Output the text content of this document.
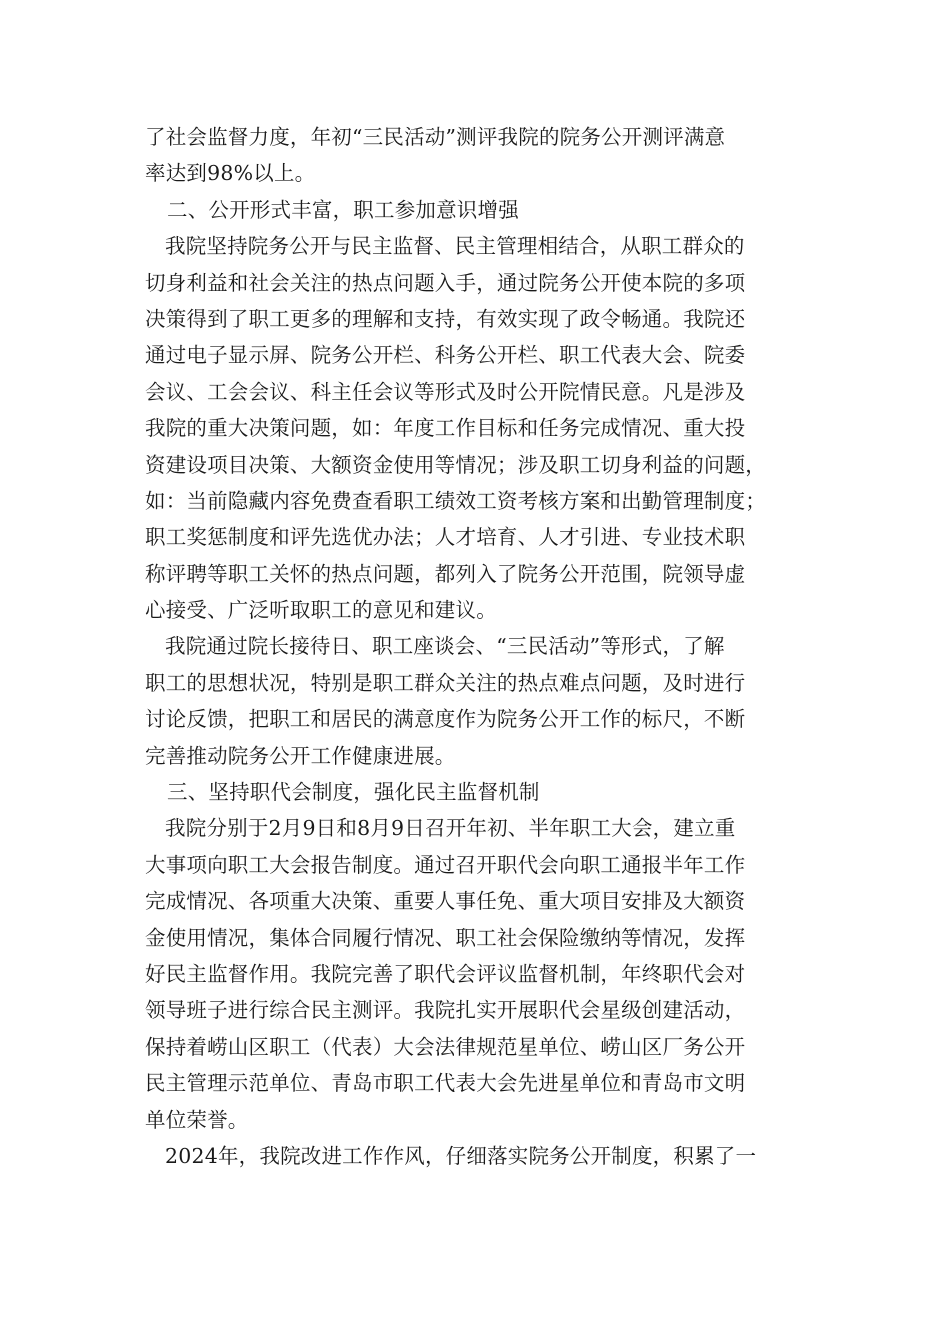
了社会监督力度，年初“三民活动”测评我院的院务公开测评满意
率达到98%以上。
二、公开形式丰富，职工参加意识增强
我院坚持院务公开与民主监督、民主管理相结合，从职工群众的
切身利益和社会关注的热点问题入手，通过院务公开使本院的多项
决策得到了职工更多的理解和支持，有效实现了政令畅通。我院还
通过电子显示屏、院务公开栏、科务公开栏、职工代表大会、院委
会议、工会会议、科主任会议等形式及时公开院情民意。凡是涉及
我院的重大决策问题，如：年度工作目标和任务完成情况、重大投
资建设项目决策、大额资金使用等情况；涉及职工切身利益的问题，
如：当前隐藏内容免费查看职工绩效工资考核方案和出勤管理制度；
职工奖惩制度和评先选优办法；人才培育、人才引进、专业技术职
称评聘等职工关怀的热点问题，都列入了院务公开范围，院领导虚
心接受、广泛听取职工的意见和建议。
我院通过院长接待日、职工座谈会、“三民活动”等形式，了解
职工的思想状况，特别是职工群众关注的热点难点问题，及时进行
讨论反馈，把职工和居民的满意度作为院务公开工作的标尺，不断
完善推动院务公开工作健康进展。
三、坚持职代会制度，强化民主监督机制
我院分别于2月9日和8月9日召开年初、半年职工大会，建立重
大事项向职工大会报告制度。通过召开职代会向职工通报半年工作
完成情况、各项重大决策、重要人事任免、重大项目安排及大额资
金使用情况，集体合同履行情况、职工社会保险缴纳等情况，发挥
好民主监督作用。我院完善了职代会评议监督机制，年终职代会对
领导班子进行综合民主测评。我院扎实开展职代会星级创建活动，
保持着崂山区职工（代表）大会法律规范星单位、崂山区厂务公开
民主管理示范单位、青岛市职工代表大会先进星单位和青岛市文明
单位荣誉。
2024年，我院改进工作作风，仔细落实院务公开制度，积累了一
